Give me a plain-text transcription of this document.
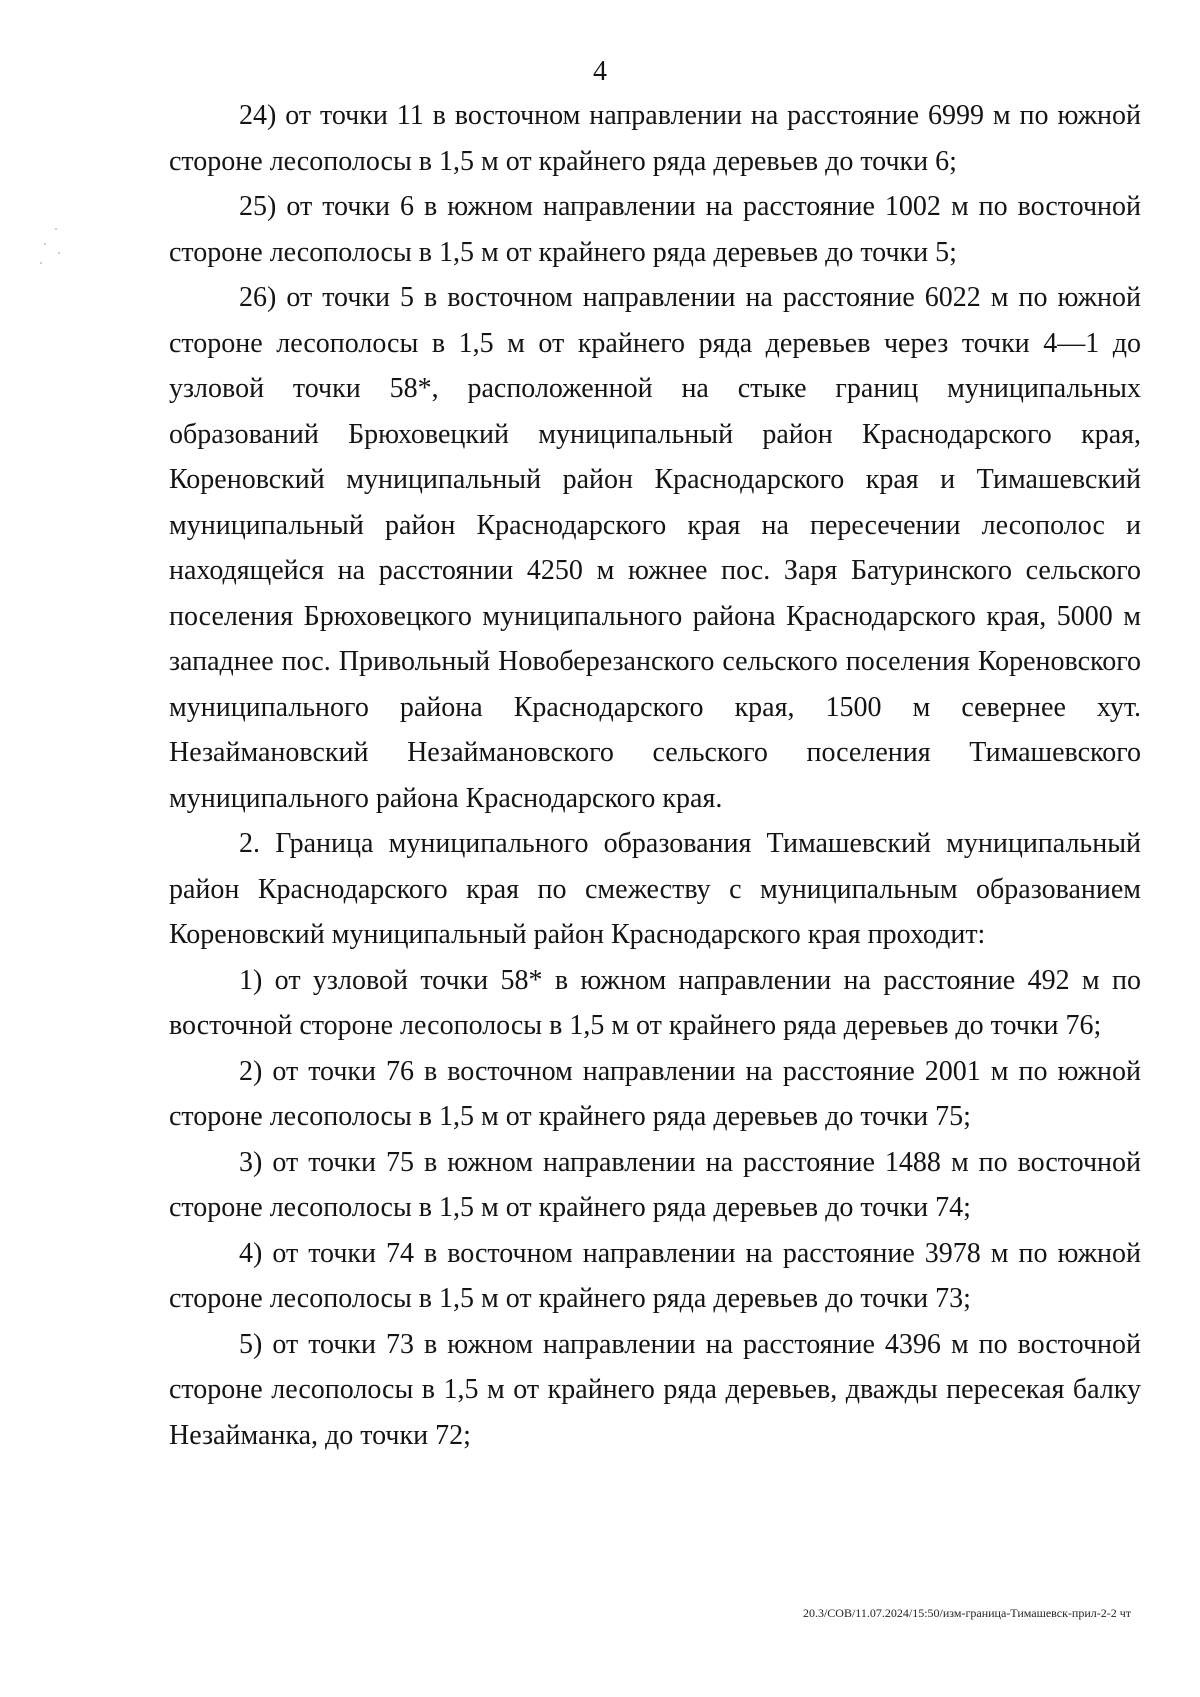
4

24) от точки 11 в восточном направлении на расстояние 6999 м по южной стороне лесополосы в 1,5 м от крайнего ряда деревьев до точки 6;

25) от точки 6 в южном направлении на расстояние 1002 м по восточной стороне лесополосы в 1,5 м от крайнего ряда деревьев до точки 5;

26) от точки 5 в восточном направлении на расстояние 6022 м по южной стороне лесополосы в 1,5 м от крайнего ряда деревьев через точки 4—1 до узловой точки 58*, расположенной на стыке границ муниципальных образований Брюховецкий муниципальный район Краснодарского края, Кореновский муниципальный район Краснодарского края и Тимашевский муниципальный район Краснодарского края на пересечении лесополос и находящейся на расстоянии 4250 м южнее пос. Заря Батуринского сельского поселения Брюховецкого муниципального района Краснодарского края, 5000 м западнее пос. Привольный Новоберезанского сельского поселения Кореновского муниципального района Краснодарского края, 1500 м севернее хут. Незаймановский Незаймановского сельского поселения Тимашевского муниципального района Краснодарского края.

2. Граница муниципального образования Тимашевский муниципальный район Краснодарского края по смежеству с муниципальным образованием Кореновский муниципальный район Краснодарского края проходит:

1) от узловой точки 58* в южном направлении на расстояние 492 м по восточной стороне лесополосы в 1,5 м от крайнего ряда деревьев до точки 76;

2) от точки 76 в восточном направлении на расстояние 2001 м по южной стороне лесополосы в 1,5 м от крайнего ряда деревьев до точки 75;

3) от точки 75 в южном направлении на расстояние 1488 м по восточной стороне лесополосы в 1,5 м от крайнего ряда деревьев до точки 74;

4) от точки 74 в восточном направлении на расстояние 3978 м по южной стороне лесополосы в 1,5 м от крайнего ряда деревьев до точки 73;

5) от точки 73 в южном направлении на расстояние 4396 м по восточной стороне лесополосы в 1,5 м от крайнего ряда деревьев, дважды пересекая балку Незайманка, до точки 72;

20.3/СОВ/11.07.2024/15:50/изм-граница-Тимашевск-прил-2-2 чт
